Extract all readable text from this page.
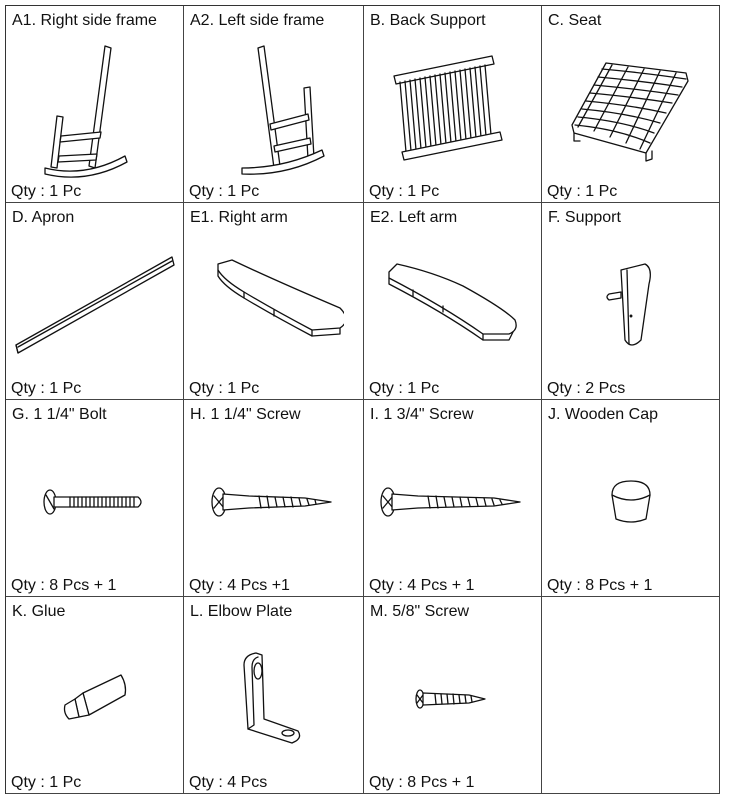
A1. Right side frame
Qty : 1 Pc
A2. Left side frame
Qty : 1 Pc
B. Back Support
Qty : 1 Pc
C. Seat
Qty : 1 Pc
D. Apron
Qty : 1 Pc
E1. Right arm
Qty : 1 Pc
E2. Left arm
Qty : 1 Pc
F. Support
Qty : 2 Pcs
G. 1 1/4" Bolt
Qty : 8 Pcs + 1
H. 1 1/4" Screw
Qty : 4 Pcs +1
I. 1 3/4" Screw
Qty : 4 Pcs + 1
J. Wooden Cap
Qty : 8 Pcs + 1
K. Glue
Qty : 1 Pc
L. Elbow Plate
Qty : 4 Pcs
M. 5/8" Screw
Qty : 8 Pcs + 1
